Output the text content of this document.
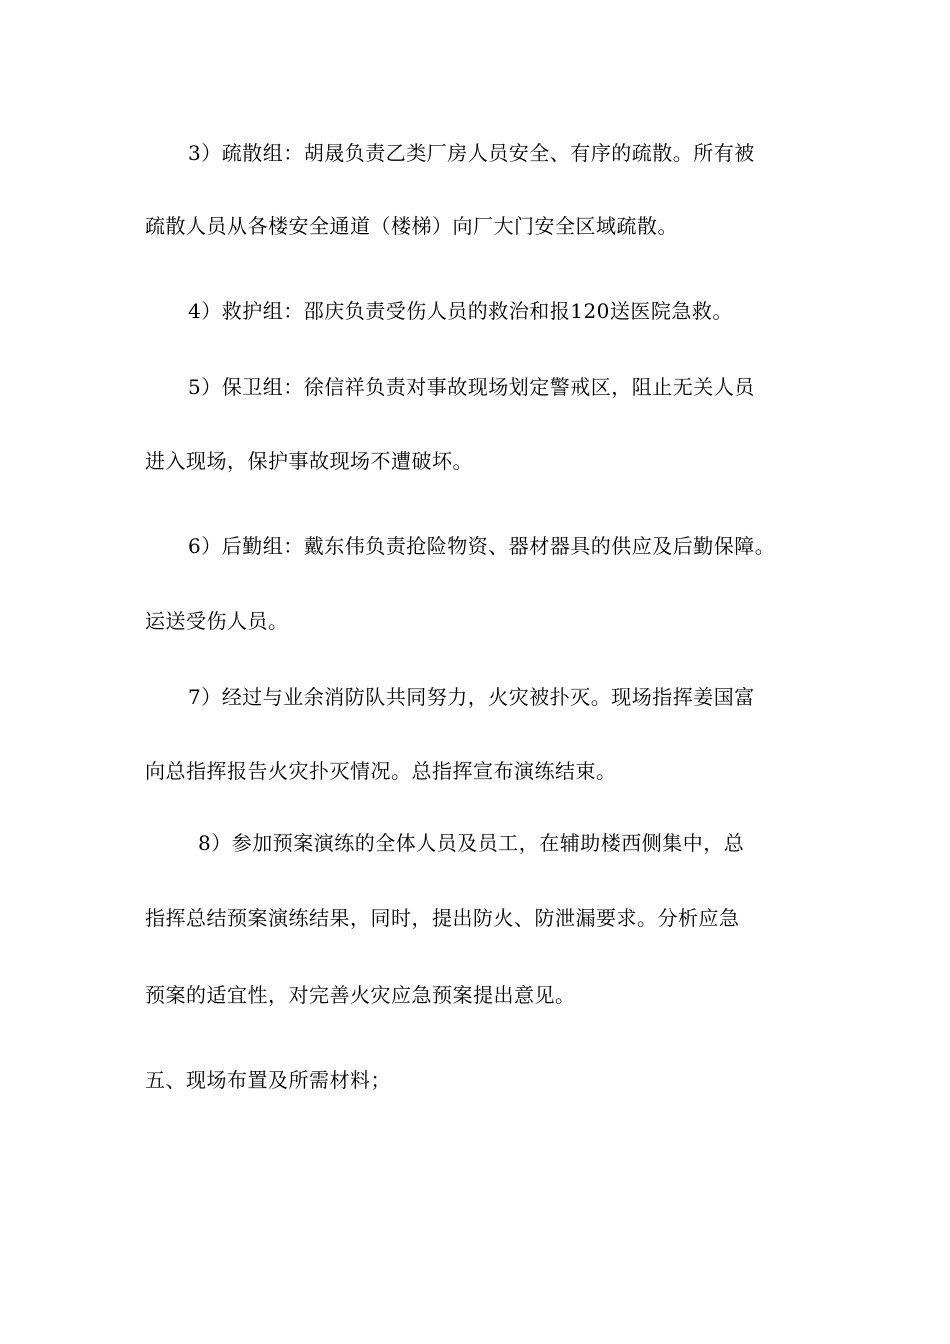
3）疏散组：胡晟负责乙类厂房人员安全、有序的疏散。所有被
疏散人员从各楼安全通道（楼梯）向厂大门安全区域疏散。
4）救护组：邵庆负责受伤人员的救治和报120送医院急救。
5）保卫组：徐信祥负责对事故现场划定警戒区，阻止无关人员
进入现场，保护事故现场不遭破坏。
6）后勤组：戴东伟负责抢险物资、器材器具的供应及后勤保障。
运送受伤人员。
7）经过与业余消防队共同努力，火灾被扑灭。现场指挥姜国富
向总指挥报告火灾扑灭情况。总指挥宣布演练结束。
8）参加预案演练的全体人员及员工，在辅助楼西侧集中，总
指挥总结预案演练结果，同时，提出防火、防泄漏要求。分析应急
预案的适宜性，对完善火灾应急预案提出意见。
五、现场布置及所需材料；
